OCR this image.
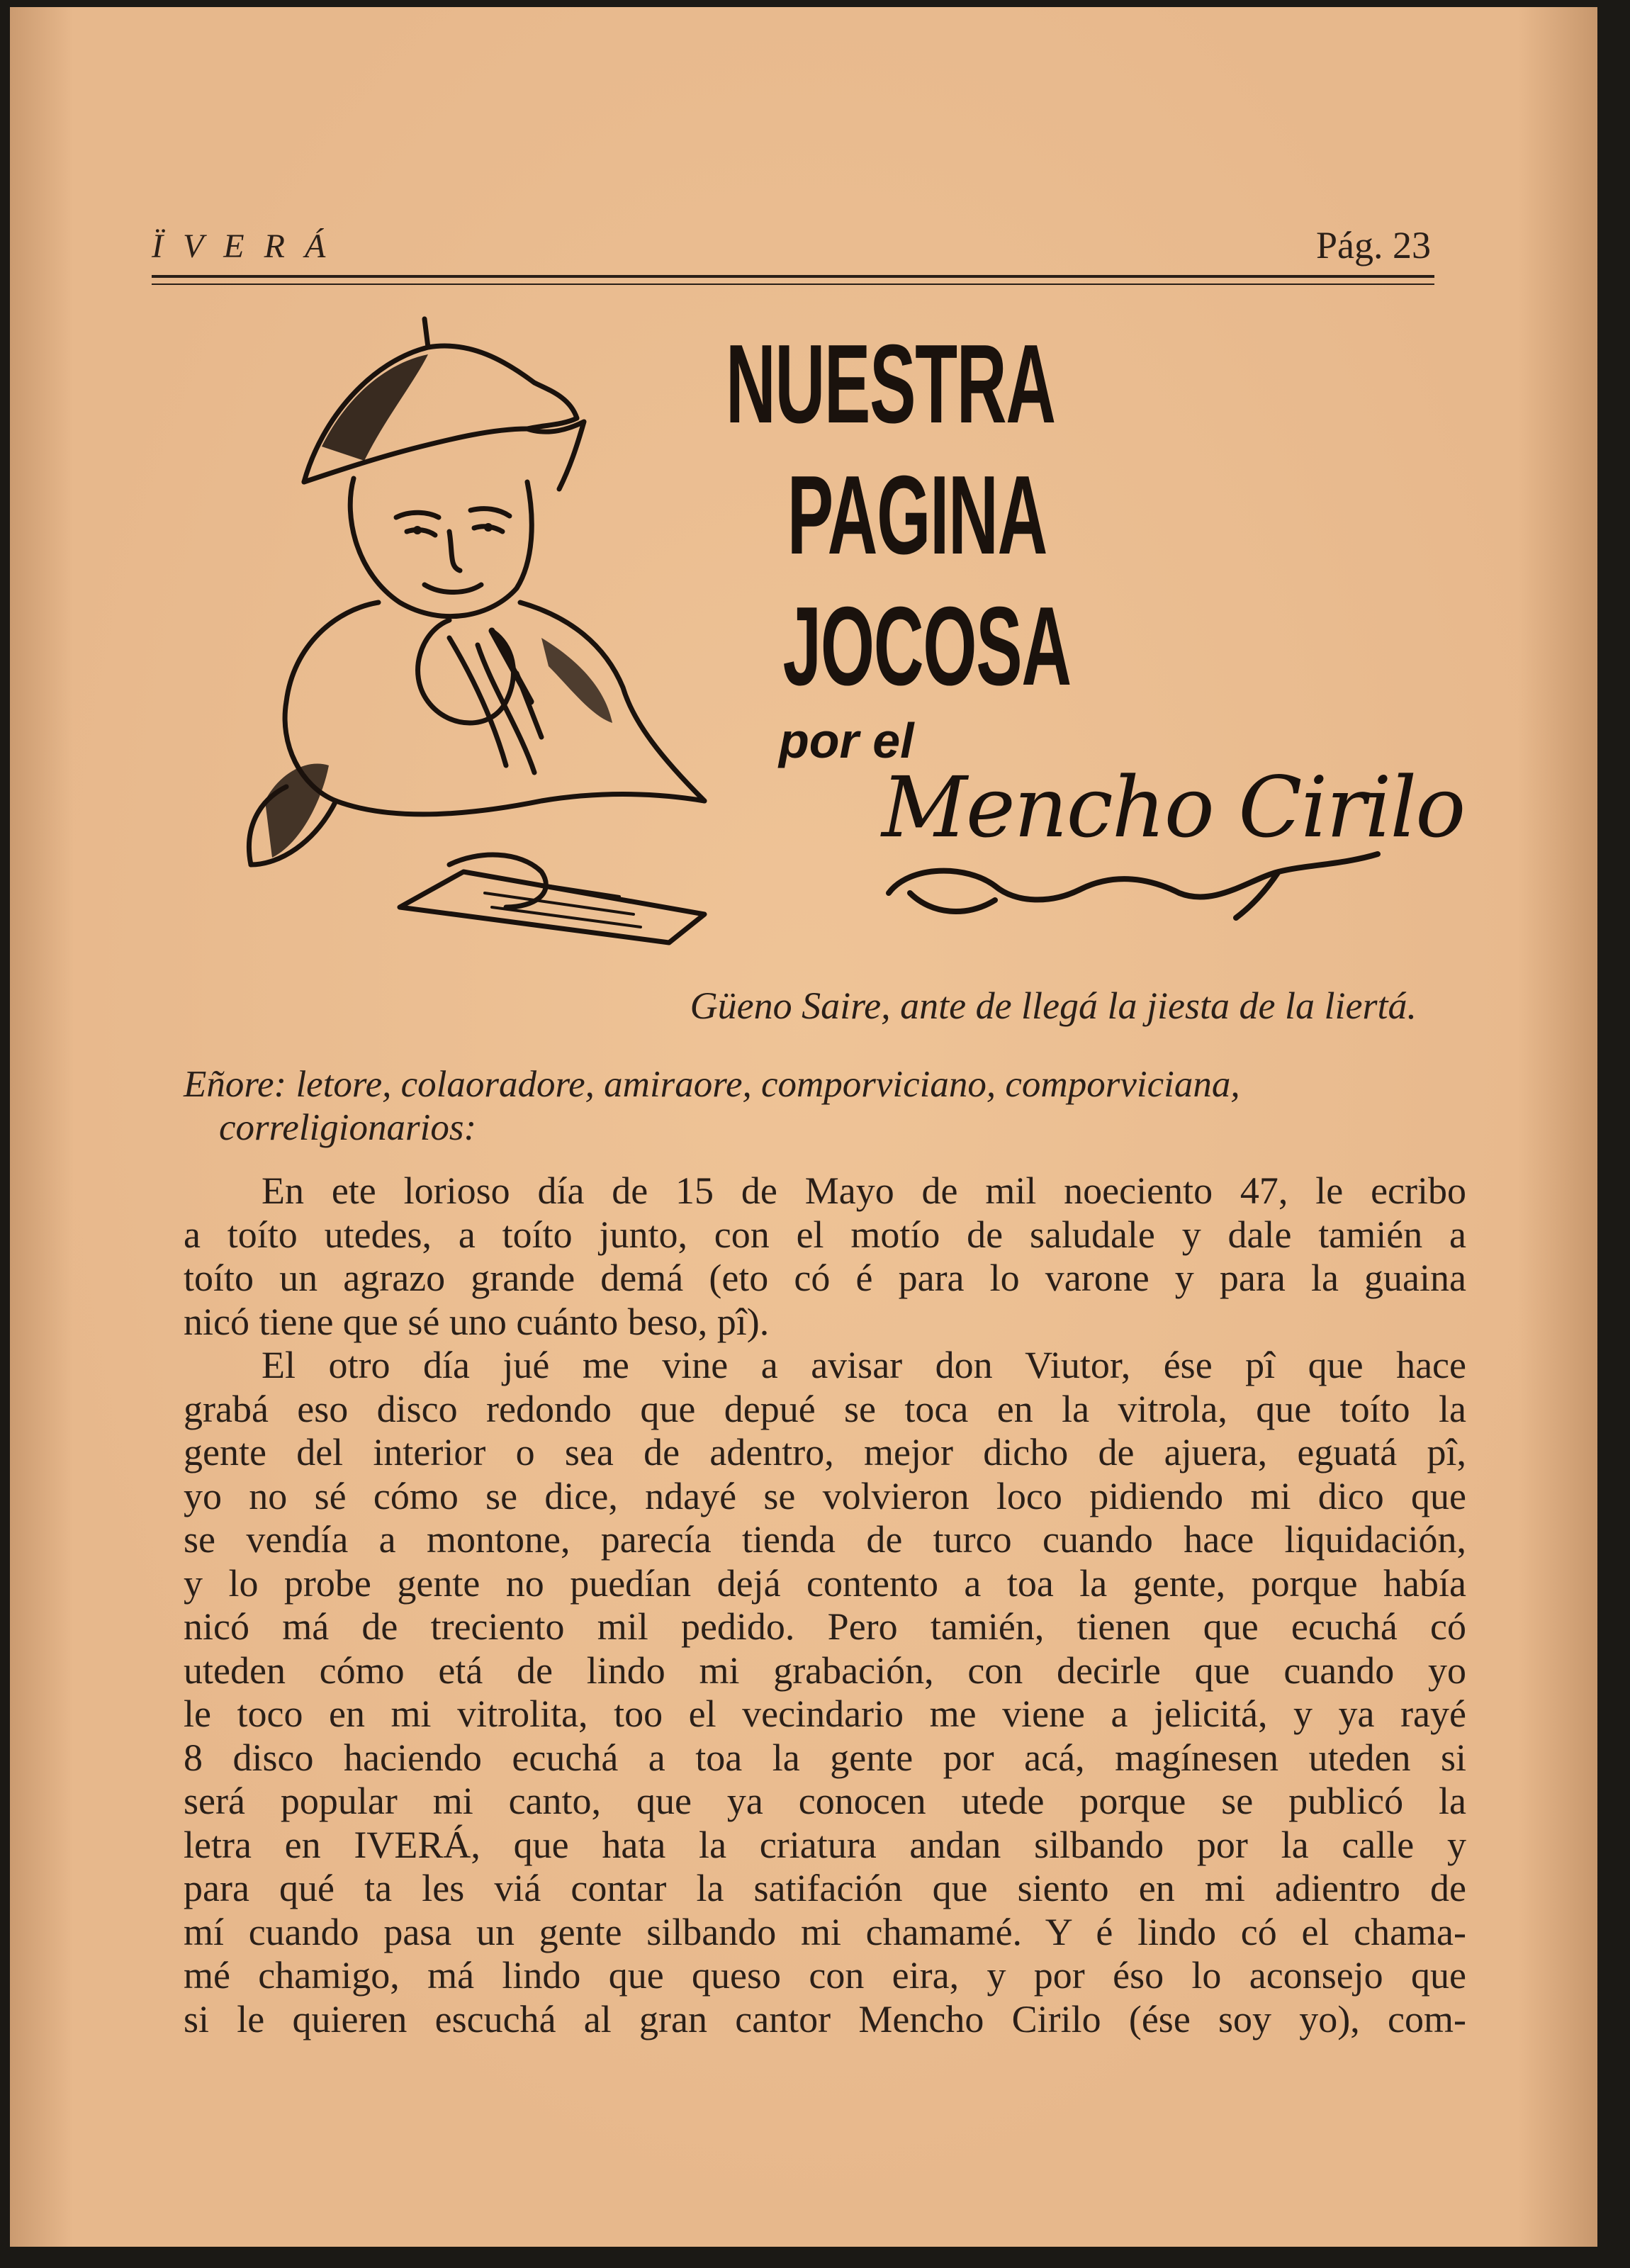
ÏVERÁ	Pág. 23
NUESTRA
PAGINA
JOCOSA
por el
Mencho Cirilo
Güeno Saire, ante de llegá la jiesta de la liertá.
Eñore: letore, colaoradore, amiraore, comporviciano, comporviciana,
correligionarios:
En ete lorioso día de 15 de Mayo de mil noeciento 47, le ecribo
a toíto utedes, a toíto junto, con el motío de saludale y dale tamién a
toíto un agrazo grande demá (eto có é para lo varone y para la guaina
nicó tiene que sé uno cuánto beso, pî).
El otro día jué me vine a avisar don Viutor, ése pî que hace
grabá eso disco redondo que depué se toca en la vitrola, que toíto la
gente del interior o sea de adentro, mejor dicho de ajuera, eguatá pî,
yo no sé cómo se dice, ndayé se volvieron loco pidiendo mi dico que
se vendía a montone, parecía tienda de turco cuando hace liquidación,
y lo probe gente no puedían dejá contento a toa la gente, porque había
nicó má de treciento mil pedido. Pero tamién, tienen que ecuchá có
uteden cómo etá de lindo mi grabación, con decirle que cuando yo
le toco en mi vitrolita, too el vecindario me viene a jelicitá, y ya rayé
8 disco haciendo ecuchá a toa la gente por acá, magínesen uteden si
será popular mi canto, que ya conocen utede porque se publicó la
letra en IVERÁ, que hata la criatura andan silbando por la calle y
para qué ta les viá contar la satifación que siento en mi adientro de
mí cuando pasa un gente silbando mi chamamé. Y é lindo có el chama-
mé chamigo, má lindo que queso con eira, y por éso lo aconsejo que
si le quieren escuchá al gran cantor Mencho Cirilo (ése soy yo), com-
